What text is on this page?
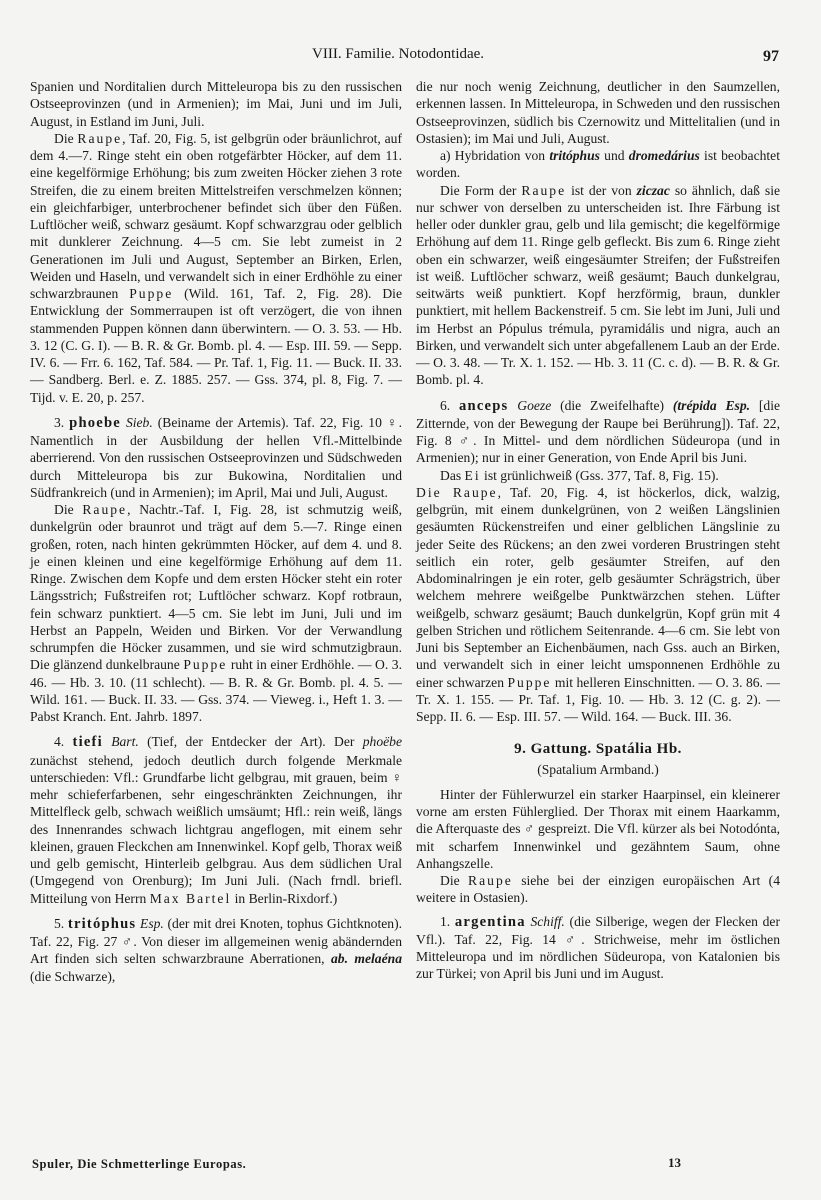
VIII. Familie. Notodontidae.	97

Spanien und Norditalien durch Mitteleuropa bis zu den russischen Ostseeprovinzen (und in Armenien); im Mai, Juni und im Juli, August, in Estland im Juni, Juli.

Die Raupe, Taf. 20, Fig. 5, ist gelbgrün oder bräunlichrot, auf dem 4.—7. Ringe steht ein oben rotgefärbter Höcker, auf dem 11. eine kegelförmige Erhöhung; bis zum zweiten Höcker ziehen 3 rote Streifen, die zu einem breiten Mittelstreifen verschmelzen können; ein gleichfarbiger, unterbrochener befindet sich über den Füßen. Luftlöcher weiß, schwarz gesäumt. Kopf schwarzgrau oder gelblich mit dunklerer Zeichnung. 4—5 cm. Sie lebt zumeist in 2 Generationen im Juli und August, September an Birken, Erlen, Weiden und Haseln, und verwandelt sich in einer Erdhöhle zu einer schwarzbraunen Puppe (Wild. 161, Taf. 2, Fig. 28). Die Entwicklung der Sommerraupen ist oft verzögert, die von ihnen stammenden Puppen können dann überwintern. — O. 3. 53. — Hb. 3. 12 (C. G. I). — B. R. & Gr. Bomb. pl. 4. — Esp. III. 59. — Sepp. IV. 6. — Frr. 6. 162, Taf. 584. — Pr. Taf. 1, Fig. 11. — Buck. II. 33. — Sandberg. Berl. e. Z. 1885. 257. — Gss. 374, pl. 8, Fig. 7. — Tijd. v. E. 20, p. 257.

3. phoebe Sieb. (Beiname der Artemis). Taf. 22, Fig. 10 ♀. Namentlich in der Ausbildung der hellen Vfl.-Mittelbinde aberrierend. Von den russischen Ostseeprovinzen und Südschweden durch Mitteleuropa bis zur Bukowina, Norditalien und Südfrankreich (und in Armenien); im April, Mai und Juli, August.

Die Raupe, Nachtr.-Taf. I, Fig. 28, ist schmutzig weiß, dunkelgrün oder braunrot und trägt auf dem 5.—7. Ringe einen großen, roten, nach hinten gekrümmten Höcker, auf dem 4. und 8. je einen kleinen und eine kegelförmige Erhöhung auf dem 11. Ringe. Zwischen dem Kopfe und dem ersten Höcker steht ein roter Längsstrich; Fußstreifen rot; Luftlöcher schwarz. Kopf rotbraun, fein schwarz punktiert. 4—5 cm. Sie lebt im Juni, Juli und im Herbst an Pappeln, Weiden und Birken. Vor der Verwandlung schrumpfen die Höcker zusammen, und sie wird schmutzigbraun. Die glänzend dunkelbraune Puppe ruht in einer Erdhöhle. — O. 3. 46. — Hb. 3. 10. (11 schlecht). — B. R. & Gr. Bomb. pl. 4. 5. — Wild. 161. — Buck. II. 33. — Gss. 374. — Vieweg. i., Heft 1. 3. — Pabst Kranch. Ent. Jahrb. 1897.

4. tiefi Bart. (Tief, der Entdecker der Art). Der phoëbe zunächst stehend, jedoch deutlich durch folgende Merkmale unterschieden: Vfl.: Grundfarbe licht gelbgrau, mit grauen, beim ♀ mehr schieferfarbenen, sehr eingeschränkten Zeichnungen, ihr Mittelfleck gelb, schwach weißlich umsäumt; Hfl.: rein weiß, längs des Innenrandes schwach lichtgrau angeflogen, mit einem sehr kleinen, grauen Fleckchen am Innenwinkel. Kopf gelb, Thorax weiß und gelb gemischt, Hinterleib gelbgrau. Aus dem südlichen Ural (Umgegend von Orenburg); Im Juni Juli. (Nach frndl. briefl. Mitteilung von Herrn Max Bartel in Berlin-Rixdorf.)

5. tritóphus Esp. (der mit drei Knoten, tophus Gichtknoten). Taf. 22, Fig. 27 ♂. Von dieser im allgemeinen wenig abändernden Art finden sich selten schwarzbraune Aberrationen, ab. melaéna (die Schwarze),

die nur noch wenig Zeichnung, deutlicher in den Saumzellen, erkennen lassen. In Mitteleuropa, in Schweden und den russischen Ostseeprovinzen, südlich bis Czernowitz und Mittelitalien (und in Ostasien); im Mai und Juli, August.

a) Hybridation von tritóphus und dromedárius ist beobachtet worden.

Die Form der Raupe ist der von ziczac so ähnlich, daß sie nur schwer von derselben zu unterscheiden ist. Ihre Färbung ist heller oder dunkler grau, gelb und lila gemischt; die kegelförmige Erhöhung auf dem 11. Ringe gelb gefleckt. Bis zum 6. Ringe zieht oben ein schwarzer, weiß eingesäumter Streifen; der Fußstreifen ist weiß. Luftlöcher schwarz, weiß gesäumt; Bauch dunkelgrau, seitwärts weiß punktiert. Kopf herzförmig, braun, dunkler punktiert, mit hellem Backenstreif. 5 cm. Sie lebt im Juni, Juli und im Herbst an Pópulus trémula, pyramidális und nigra, auch an Birken, und verwandelt sich unter abgefallenem Laub an der Erde. — O. 3. 48. — Tr. X. 1. 152. — Hb. 3. 11 (C. c. d). — B. R. & Gr. Bomb. pl. 4.

6. anceps Goeze (die Zweifelhafte) (trépida Esp. [die Zitternde, von der Bewegung der Raupe bei Berührung]). Taf. 22, Fig. 8 ♂. In Mittel- und dem nördlichen Südeuropa (und in Armenien); nur in einer Generation, von Ende April bis Juni.

Das Ei ist grünlichweiß (Gss. 377, Taf. 8, Fig. 15).

Die Raupe, Taf. 20, Fig. 4, ist höckerlos, dick, walzig, gelbgrün, mit einem dunkelgrünen, von 2 weißen Längslinien gesäumten Rückenstreifen und einer gelblichen Längslinie zu jeder Seite des Rückens; an den zwei vorderen Brustringen steht seitlich ein roter, gelb gesäumter Streifen, auf den Abdominalringen je ein roter, gelb gesäumter Schrägstrich, über welchem mehrere weißgelbe Punktwärzchen stehen. Lüfter weißgelb, schwarz gesäumt; Bauch dunkelgrün, Kopf grün mit 4 gelben Strichen und rötlichem Seitenrande. 4—6 cm. Sie lebt von Juni bis September an Eichenbäumen, nach Gss. auch an Birken, und verwandelt sich in einer leicht umsponnenen Erdhöhle zu einer schwarzen Puppe mit helleren Einschnitten. — O. 3. 86. — Tr. X. 1. 155. — Pr. Taf. 1, Fig. 10. — Hb. 3. 12 (C. g. 2). — Sepp. II. 6. — Esp. III. 57. — Wild. 164. — Buck. III. 36.

9. Gattung. Spatália Hb.
(Spatalium Armband.)

Hinter der Fühlerwurzel ein starker Haarpinsel, ein kleinerer vorne am ersten Fühlerglied. Der Thorax mit einem Haarkamm, die Afterquaste des ♂ gespreizt. Die Vfl. kürzer als bei Notodónta, mit scharfem Innenwinkel und gezähntem Saum, ohne Anhangszelle.

Die Raupe siehe bei der einzigen europäischen Art (4 weitere in Ostasien).

1. argentina Schiff. (die Silberige, wegen der Flecken der Vfl.). Taf. 22, Fig. 14 ♂. Strichweise, mehr im östlichen Mitteleuropa und im nördlichen Südeuropa, von Katalonien bis zur Türkei; von April bis Juni und im August.

Spuler, Die Schmetterlinge Europas.	13
